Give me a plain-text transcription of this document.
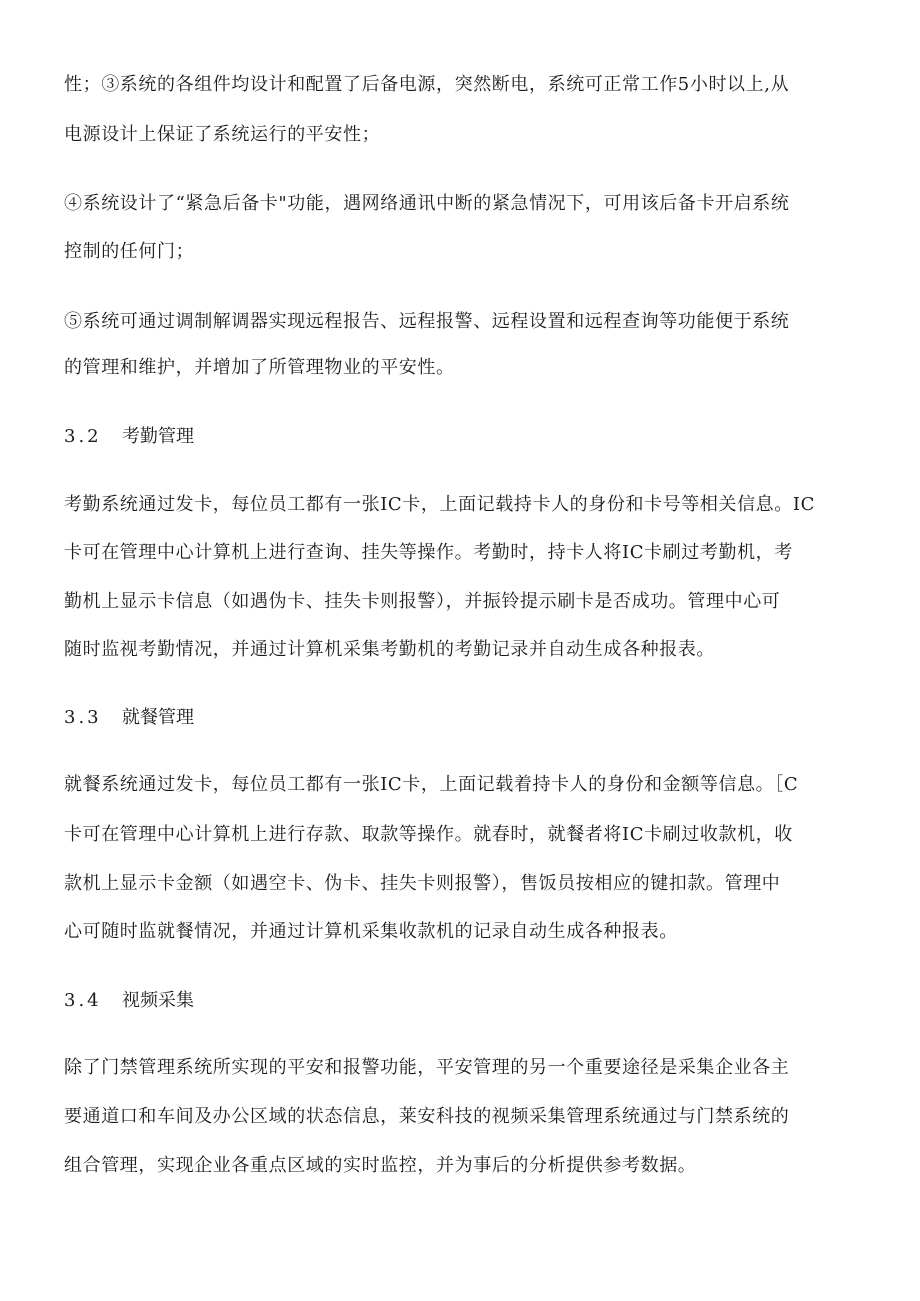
性；③系统的各组件均设计和配置了后备电源，突然断电，系统可正常工作5小时以上,从
电源设计上保证了系统运行的平安性；
④系统设计了“紧急后备卡"功能，遇网络通讯中断的紧急情况下，可用该后备卡开启系统
控制的任何门；
⑤系统可通过调制解调器实现远程报告、远程报警、远程设置和远程查询等功能便于系统
的管理和维护，并增加了所管理物业的平安性。
3.2 考勤管理
考勤系统通过发卡，每位员工都有一张IC卡，上面记载持卡人的身份和卡号等相关信息。IC
卡可在管理中心计算机上进行查询、挂失等操作。考勤时，持卡人将IC卡刷过考勤机，考
勤机上显示卡信息（如遇伪卡、挂失卡则报警），并振铃提示刷卡是否成功。管理中心可
随时监视考勤情况，并通过计算机采集考勤机的考勤记录并自动生成各种报表。
3.3 就餐管理
就餐系统通过发卡，每位员工都有一张IC卡，上面记载着持卡人的身份和金额等信息。［C
卡可在管理中心计算机上进行存款、取款等操作。就春时，就餐者将IC卡刷过收款机，收
款机上显示卡金额（如遇空卡、伪卡、挂失卡则报警），售饭员按相应的键扣款。管理中
心可随时监就餐情况，并通过计算机采集收款机的记录自动生成各种报表。
3.4 视频采集
除了门禁管理系统所实现的平安和报警功能，平安管理的另一个重要途径是采集企业各主
要通道口和车间及办公区域的状态信息，莱安科技的视频采集管理系统通过与门禁系统的
组合管理，实现企业各重点区域的实时监控，并为事后的分析提供参考数据。
